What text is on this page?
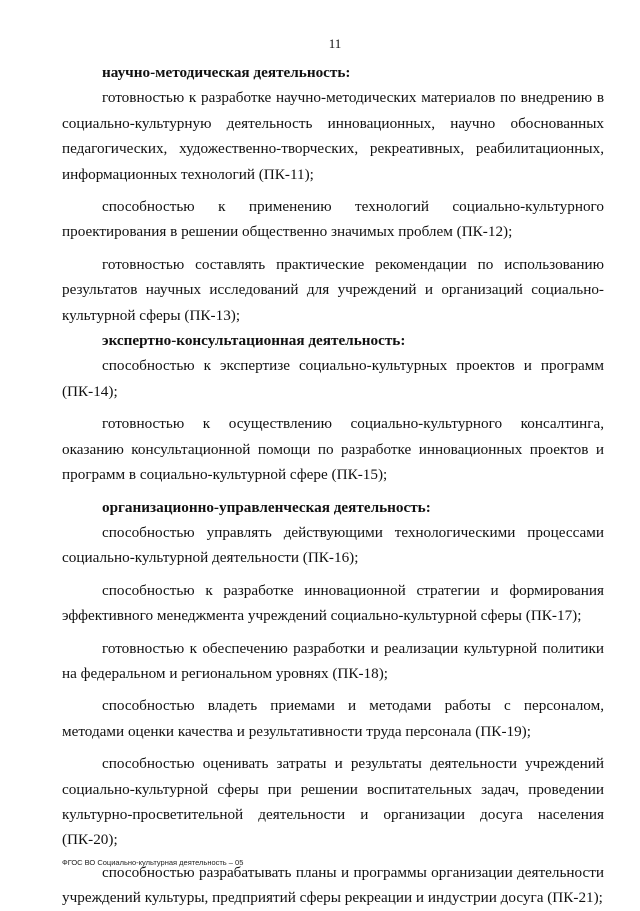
11

научно-методическая деятельность:

готовностью к разработке научно-методических материалов по внедрению в социально-культурную деятельность инновационных, научно обоснованных педагогических, художественно-творческих, рекреативных, реабилитационных, информационных технологий (ПК-11);

способностью к применению технологий социально-культурного проектирования в решении общественно значимых проблем (ПК-12);

готовностью составлять практические рекомендации по использованию результатов научных исследований для учреждений и организаций социально-культурной сферы (ПК-13);

экспертно-консультационная деятельность:

способностью к экспертизе социально-культурных проектов и программ (ПК-14);

готовностью к осуществлению социально-культурного консалтинга, оказанию консультационной помощи по разработке инновационных проектов и программ в социально-культурной сфере (ПК-15);

организационно-управленческая деятельность:

способностью управлять действующими технологическими процессами социально-культурной деятельности (ПК-16);

способностью к разработке инновационной стратегии и формирования эффективного менеджмента учреждений социально-культурной сферы (ПК-17);

готовностью к обеспечению разработки и реализации культурной политики на федеральном и региональном уровнях (ПК-18);

способностью владеть приемами и методами работы с персоналом, методами оценки качества и результативности труда персонала (ПК-19);

способностью оценивать затраты и результаты деятельности учреждений социально-культурной сферы при решении воспитательных задач, проведении культурно-просветительной деятельности и организации досуга населения (ПК-20);

способностью разрабатывать планы и программы организации деятельности учреждений культуры, предприятий сферы рекреации и индустрии досуга (ПК-21);

ФГОС ВО Социально-культурная деятельность – 05
